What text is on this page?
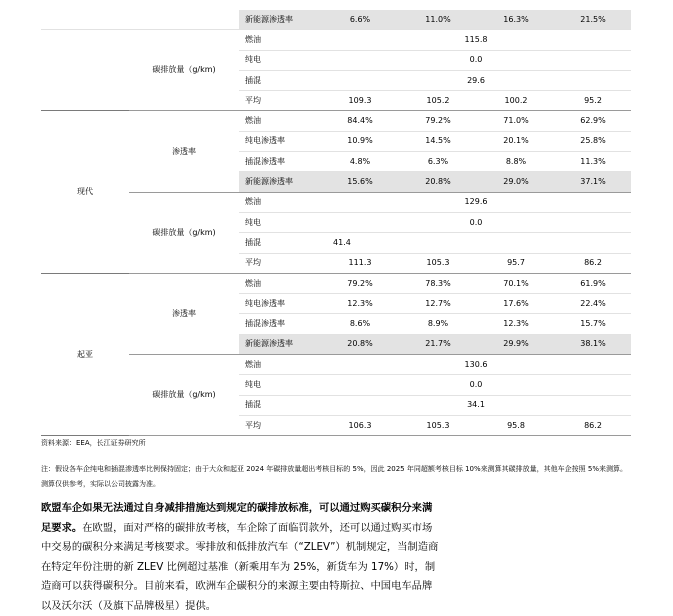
		新能源渗透率	6.6%	11.0%	16.3%	21.5%
	碳排放量（g/km)	燃油	115.8			
		纯电	0.0			
		插混	29.6			
		平均	109.3	105.2	100.2	95.2
现代	渗透率	燃油	84.4%	79.2%	71.0%	62.9%
		纯电渗透率	10.9%	14.5%	20.1%	25.8%
		插混渗透率	4.8%	6.3%	8.8%	11.3%
		新能源渗透率	15.6%	20.8%	29.0%	37.1%
	碳排放量（g/km)	燃油	129.6			
		纯电	0.0			
		插混	41.4			
		平均	111.3	105.3	95.7	86.2
起亚	渗透率	燃油	79.2%	78.3%	70.1%	61.9%
		纯电渗透率	12.3%	12.7%	17.6%	22.4%
		插混渗透率	8.6%	8.9%	12.3%	15.7%
		新能源渗透率	20.8%	21.7%	29.9%	38.1%
	碳排放量（g/km)	燃油	130.6			
		纯电	0.0			
		插混	34.1			
		平均	106.3	105.3	95.8	86.2
资料来源：EEA，长江证券研究所
注：假设各车企纯电和插混渗透率比例保持固定；由于大众和起亚 2024 年碳排放量超出考核目标的 5%，因此 2025 年同超额考核目标 10%来测算其碳排放量，其他车企按照 5%来测算。测算仅供参考，实际以公司披露为准。
欧盟车企如果无法通过自身减排措施达到规定的碳排放标准，可以通过购买碳积分来满足要求。在欧盟，面对严格的碳排放考核，车企除了面临罚款外，还可以通过购买市场中交易的碳积分来满足考核要求。零排放和低排放汽车（“ZLEV”）机制规定，当制造商在特定年份注册的新 ZLEV 比例超过基准（新乘用车为 25%，新货车为 17%）时，制造商可以获得碳积分。目前来看，欧洲车企碳积分的来源主要由特斯拉、中国电车品牌以及沃尔沃（及旗下品牌极星）提供。
